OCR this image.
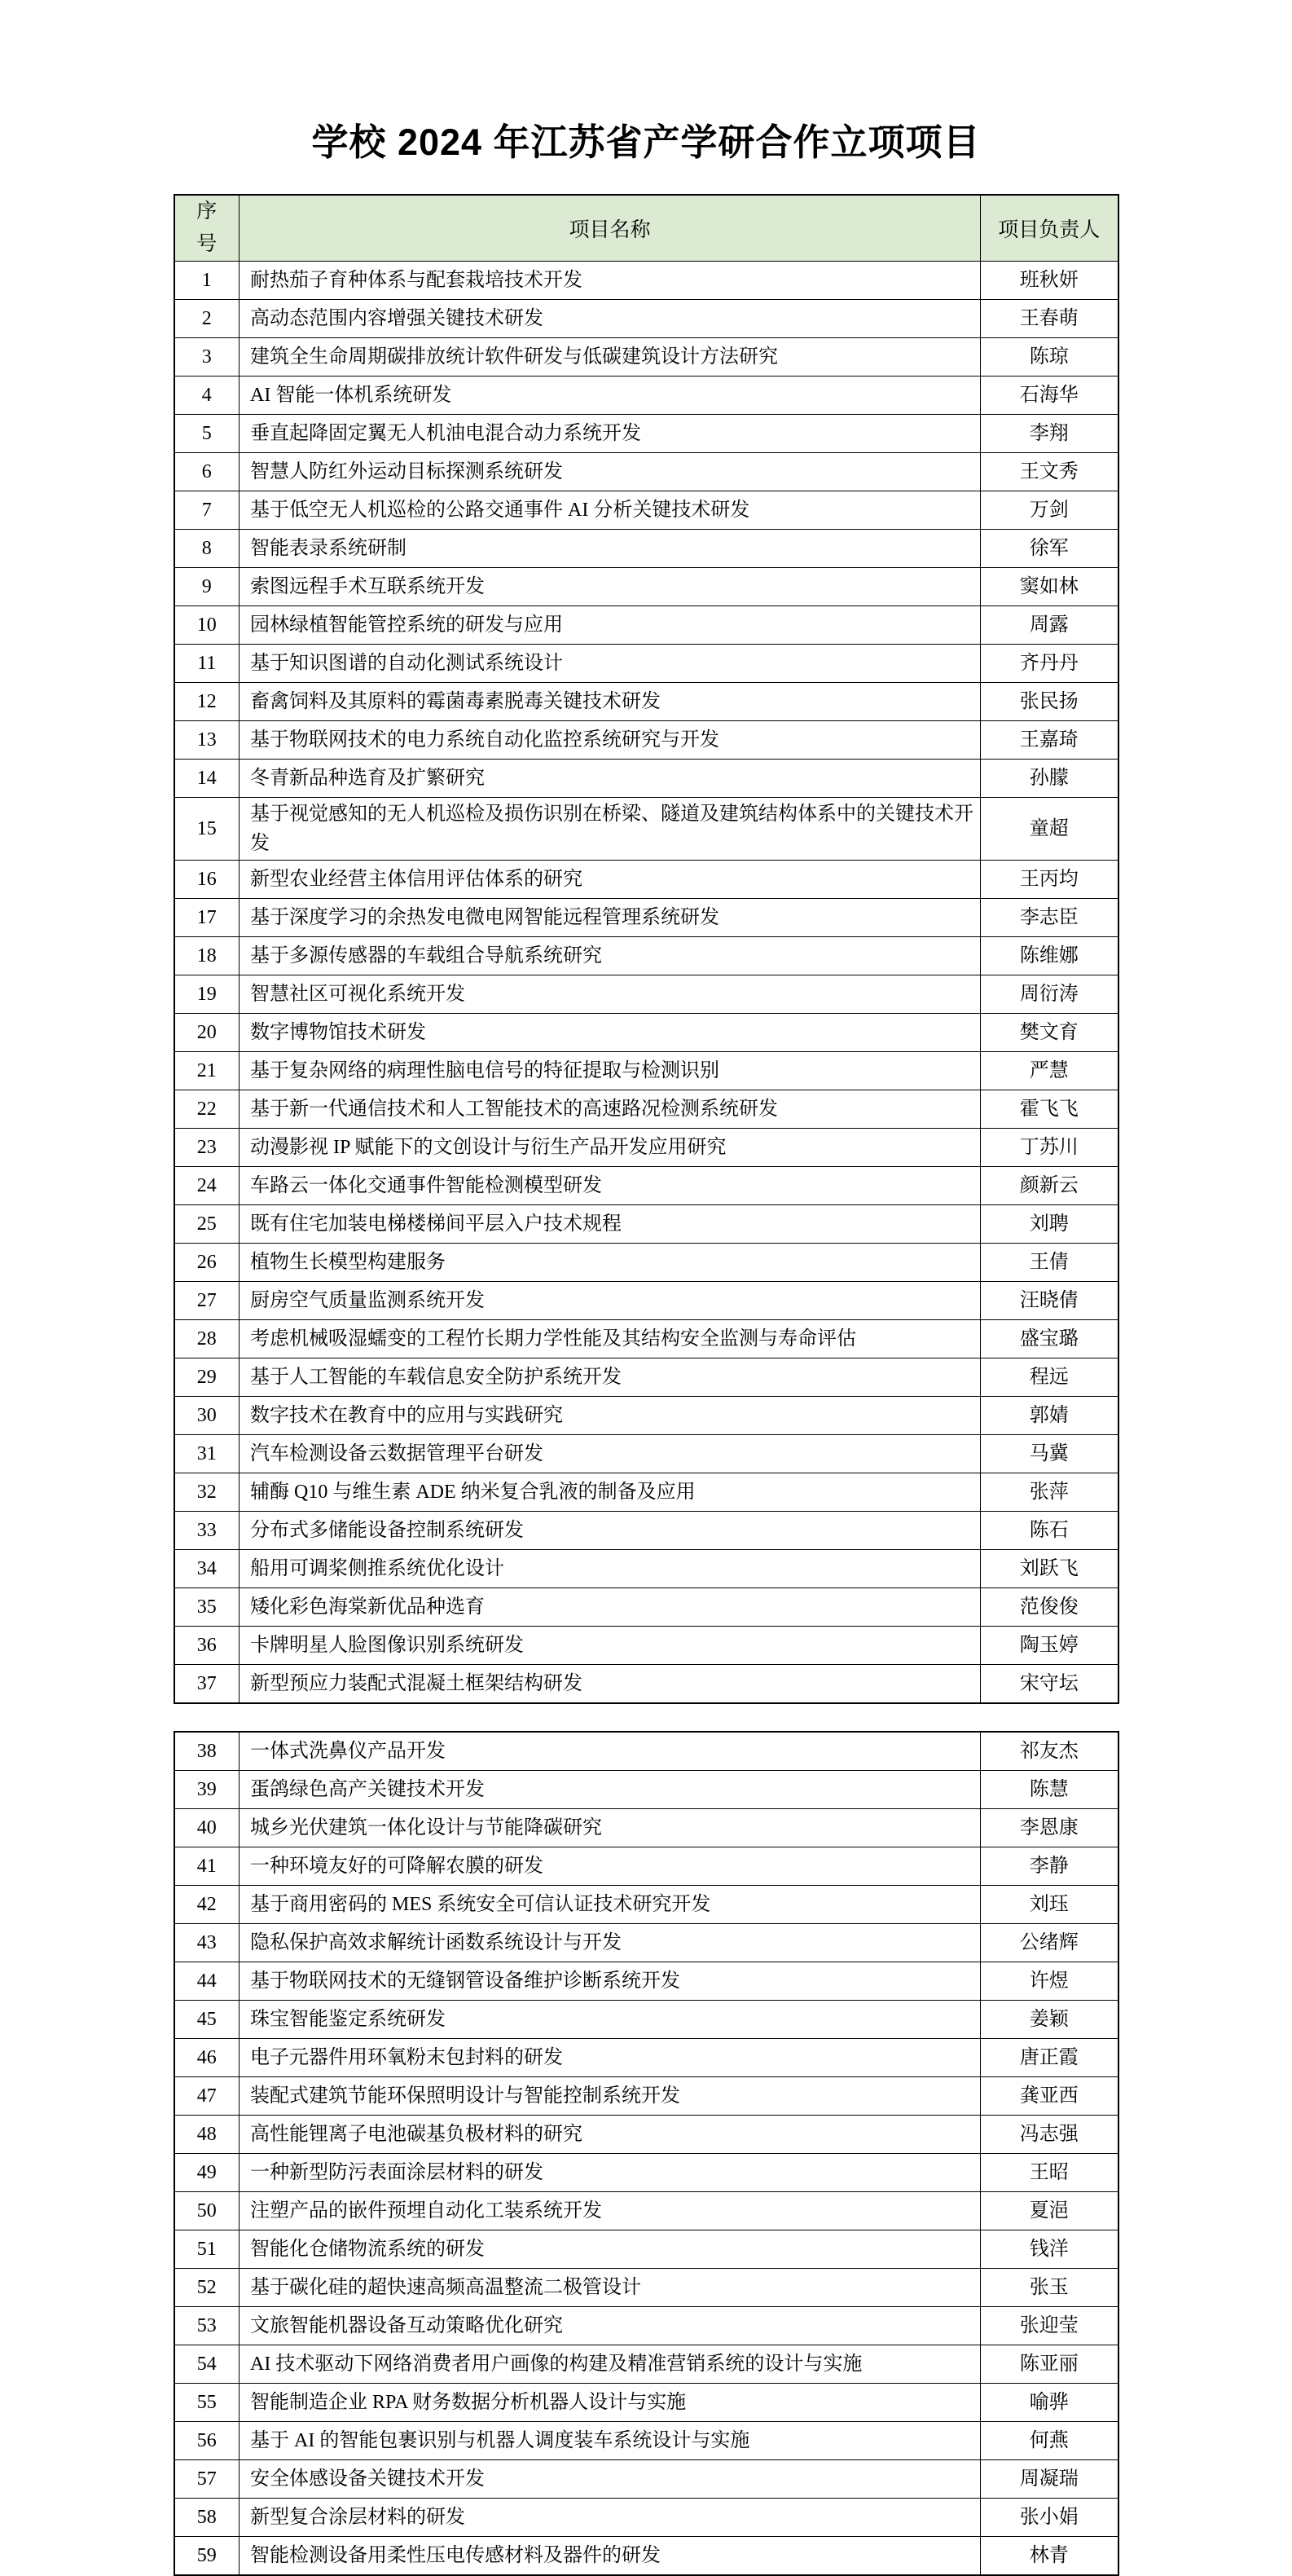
学校 2024 年江苏省产学研合作立项项目
序号	项目名称	项目负责人
1	耐热茄子育种体系与配套栽培技术开发	班秋妍
2	高动态范围内容增强关键技术研发	王春萌
3	建筑全生命周期碳排放统计软件研发与低碳建筑设计方法研究	陈琼
4	AI 智能一体机系统研发	石海华
5	垂直起降固定翼无人机油电混合动力系统开发	李翔
6	智慧人防红外运动目标探测系统研发	王文秀
7	基于低空无人机巡检的公路交通事件 AI 分析关键技术研发	万剑
8	智能表录系统研制	徐军
9	索图远程手术互联系统开发	窦如林
10	园林绿植智能管控系统的研发与应用	周露
11	基于知识图谱的自动化测试系统设计	齐丹丹
12	畜禽饲料及其原料的霉菌毒素脱毒关键技术研发	张民扬
13	基于物联网技术的电力系统自动化监控系统研究与开发	王嘉琦
14	冬青新品种选育及扩繁研究	孙朦
15	基于视觉感知的无人机巡检及损伤识别在桥梁、隧道及建筑结构体系中的关键技术开发	童超
16	新型农业经营主体信用评估体系的研究	王丙均
17	基于深度学习的余热发电微电网智能远程管理系统研发	李志臣
18	基于多源传感器的车载组合导航系统研究	陈维娜
19	智慧社区可视化系统开发	周衍涛
20	数字博物馆技术研发	樊文育
21	基于复杂网络的病理性脑电信号的特征提取与检测识别	严慧
22	基于新一代通信技术和人工智能技术的高速路况检测系统研发	霍飞飞
23	动漫影视 IP 赋能下的文创设计与衍生产品开发应用研究	丁苏川
24	车路云一体化交通事件智能检测模型研发	颜新云
25	既有住宅加装电梯楼梯间平层入户技术规程	刘聘
26	植物生长模型构建服务	王倩
27	厨房空气质量监测系统开发	汪晓倩
28	考虑机械吸湿蠕变的工程竹长期力学性能及其结构安全监测与寿命评估	盛宝璐
29	基于人工智能的车载信息安全防护系统开发	程远
30	数字技术在教育中的应用与实践研究	郭婧
31	汽车检测设备云数据管理平台研发	马冀
32	辅酶 Q10 与维生素 ADE 纳米复合乳液的制备及应用	张萍
33	分布式多储能设备控制系统研发	陈石
34	船用可调桨侧推系统优化设计	刘跃飞
35	矮化彩色海棠新优品种选育	范俊俊
36	卡牌明星人脸图像识别系统研发	陶玉婷
37	新型预应力装配式混凝土框架结构研发	宋守坛
38	一体式洗鼻仪产品开发	祁友杰
39	蛋鸽绿色高产关键技术开发	陈慧
40	城乡光伏建筑一体化设计与节能降碳研究	李恩康
41	一种环境友好的可降解农膜的研发	李静
42	基于商用密码的 MES 系统安全可信认证技术研究开发	刘珏
43	隐私保护高效求解统计函数系统设计与开发	公绪辉
44	基于物联网技术的无缝钢管设备维护诊断系统开发	许煜
45	珠宝智能鉴定系统研发	姜颖
46	电子元器件用环氧粉末包封料的研发	唐正霞
47	装配式建筑节能环保照明设计与智能控制系统开发	龚亚西
48	高性能锂离子电池碳基负极材料的研究	冯志强
49	一种新型防污表面涂层材料的研发	王昭
50	注塑产品的嵌件预埋自动化工装系统开发	夏浥
51	智能化仓储物流系统的研发	钱洋
52	基于碳化硅的超快速高频高温整流二极管设计	张玉
53	文旅智能机器设备互动策略优化研究	张迎莹
54	AI 技术驱动下网络消费者用户画像的构建及精准营销系统的设计与实施	陈亚丽
55	智能制造企业 RPA 财务数据分析机器人设计与实施	喻骅
56	基于 AI 的智能包裹识别与机器人调度装车系统设计与实施	何燕
57	安全体感设备关键技术开发	周凝瑞
58	新型复合涂层材料的研发	张小娟
59	智能检测设备用柔性压电传感材料及器件的研发	林青
